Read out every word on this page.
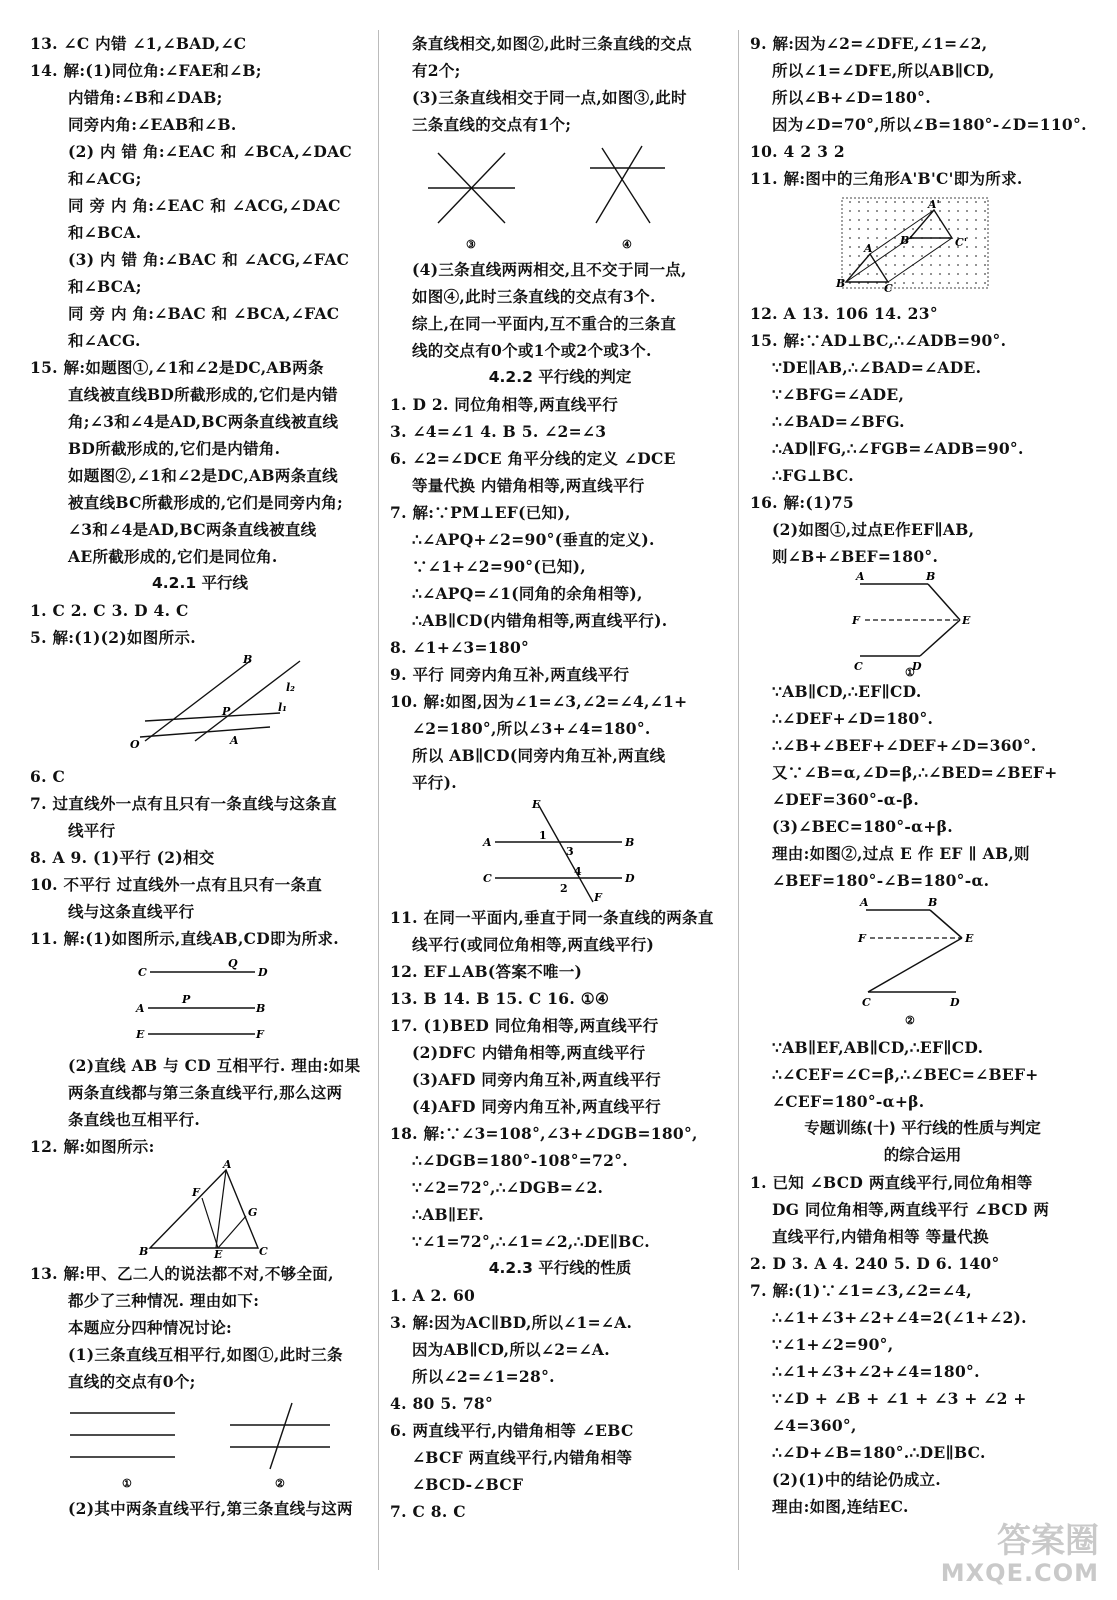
13. ∠C 内错 ∠1,∠BAD,∠C
14. 解:(1)同位角:∠FAE和∠B;
内错角:∠B和∠DAB;
同旁内角:∠EAB和∠B.
(2) 内 错 角:∠EAC 和 ∠BCA,∠DAC
和∠ACG;
同 旁 内 角:∠EAC 和 ∠ACG,∠DAC
和∠BCA.
(3) 内 错 角:∠BAC 和 ∠ACG,∠FAC
和∠BCA;
同 旁 内 角:∠BAC 和 ∠BCA,∠FAC
和∠ACG.
15. 解:如题图①,∠1和∠2是DC,AB两条
直线被直线BD所截形成的,它们是内错
角;∠3和∠4是AD,BC两条直线被直线
BD所截形成的,它们是内错角.
如题图②,∠1和∠2是DC,AB两条直线
被直线BC所截形成的,它们是同旁内角;
∠3和∠4是AD,BC两条直线被直线
AE所截形成的,它们是同位角.
4.2.1 平行线
1. C 2. C 3. D 4. C
5. 解:(1)(2)如图所示.
B
l₂
P	l₁
O	A
6. C
7. 过直线外一点有且只有一条直线与这条直
线平行
8. A 9. (1)平行 (2)相交
10. 不平行 过直线外一点有且只有一条直
线与这条直线平行
11. 解:(1)如图所示,直线AB,CD即为所求.
C
Q
D
A
P
B
E	F
(2)直线 AB 与 CD 互相平行. 理由:如果
两条直线都与第三条直线平行,那么这两
条直线也互相平行.
12. 解:如图所示:
A
F
G
B	E	C
13. 解:甲、乙二人的说法都不对,不够全面,
都少了三种情况. 理由如下:
本题应分四种情况讨论:
(1)三条直线互相平行,如图①,此时三条
直线的交点有0个;
①	②
(2)其中两条直线平行,第三条直线与这两
条直线相交,如图②,此时三条直线的交点
有2个;
(3)三条直线相交于同一点,如图③,此时
三条直线的交点有1个;
③	④
(4)三条直线两两相交,且不交于同一点,
如图④,此时三条直线的交点有3个.
综上,在同一平面内,互不重合的三条直
线的交点有0个或1个或2个或3个.
4.2.2 平行线的判定
1. D 2. 同位角相等,两直线平行
3. ∠4=∠1 4. B 5. ∠2=∠3
6. ∠2=∠DCE 角平分线的定义 ∠DCE
等量代换 内错角相等,两直线平行
7. 解:∵PM⊥EF(已知),
∴∠APQ+∠2=90°(垂直的定义).
∵∠1+∠2=90°(已知),
∴∠APQ=∠1(同角的余角相等),
∴AB∥CD(内错角相等,两直线平行).
8. ∠1+∠3=180°
9. 平行 同旁内角互补,两直线平行
10. 解:如图,因为∠1=∠3,∠2=∠4,∠1+
∠2=180°,所以∠3+∠4=180°.
所以 AB∥CD(同旁内角互补,两直线
平行).
E
A
1
3
B
C
4
2
D
F
11. 在同一平面内,垂直于同一条直线的两条直
线平行(或同位角相等,两直线平行)
12. EF⊥AB(答案不唯一)
13. B 14. B 15. C 16. ①④
17. (1)BED 同位角相等,两直线平行
(2)DFC 内错角相等,两直线平行
(3)AFD 同旁内角互补,两直线平行
(4)AFD 同旁内角互补,两直线平行
18. 解:∵∠3=108°,∠3+∠DGB=180°,
∴∠DGB=180°-108°=72°.
∵∠2=72°,∴∠DGB=∠2.
∴AB∥EF.
∵∠1=72°,∴∠1=∠2,∴DE∥BC.
4.2.3 平行线的性质
1. A 2. 60
3. 解:因为AC∥BD,所以∠1=∠A.
因为AB∥CD,所以∠2=∠A.
所以∠2=∠1=28°.
4. 80 5. 78°
6. 两直线平行,内错角相等 ∠EBC
∠BCF 两直线平行,内错角相等
∠BCD-∠BCF
7. C 8. C
9. 解:因为∠2=∠DFE,∠1=∠2,
所以∠1=∠DFE,所以AB∥CD,
所以∠B+∠D=180°.
因为∠D=70°,所以∠B=180°-∠D=110°.
10. 4 2 3 2
11. 解:图中的三角形A'B'C'即为所求.
A
B	C
A'
B'	C'
12. A 13. 106 14. 23°
15. 解:∵AD⊥BC,∴∠ADB=90°.
∵DE∥AB,∴∠BAD=∠ADE.
∵∠BFG=∠ADE,
∴∠BAD=∠BFG.
∴AD∥FG,∴∠FGB=∠ADB=90°.
∴FG⊥BC.
16. 解:(1)75
(2)如图①,过点E作EF∥AB,
则∠B+∠BEF=180°.
A	B
F	E
C	D
①
∵AB∥CD,∴EF∥CD.
∴∠DEF+∠D=180°.
∴∠B+∠BEF+∠DEF+∠D=360°.
又∵∠B=α,∠D=β,∴∠BED=∠BEF+
∠DEF=360°-α-β.
(3)∠BEC=180°-α+β.
理由:如图②,过点 E 作 EF ∥ AB,则
∠BEF=180°-∠B=180°-α.
A	B
F	E
C	D
②
∵AB∥EF,AB∥CD,∴EF∥CD.
∴∠CEF=∠C=β,∴∠BEC=∠BEF+
∠CEF=180°-α+β.
专题训练(十) 平行线的性质与判定
的综合运用
1. 已知 ∠BCD 两直线平行,同位角相等
DG 同位角相等,两直线平行 ∠BCD 两
直线平行,内错角相等 等量代换
2. D 3. A 4. 240 5. D 6. 140°
7. 解:(1)∵∠1=∠3,∠2=∠4,
∴∠1+∠3+∠2+∠4=2(∠1+∠2).
∵∠1+∠2=90°,
∴∠1+∠3+∠2+∠4=180°.
∵∠D + ∠B + ∠1 + ∠3 + ∠2 +
∠4=360°,
∴∠D+∠B=180°.∴DE∥BC.
(2)(1)中的结论仍成立.
理由:如图,连结EC.
答案圈
MXQE.COM
